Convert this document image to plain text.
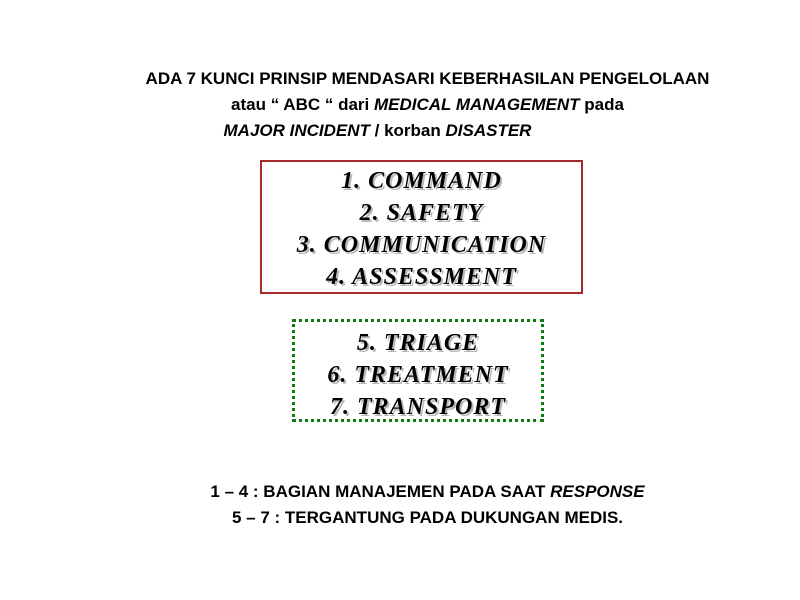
ADA 7 KUNCI PRINSIP MENDASARI KEBERHASILAN PENGELOLAAN
atau “ ABC “ dari MEDICAL MANAGEMENT pada
MAJOR INCIDENT / korban DISASTER
1. COMMAND
2. SAFETY
3. COMMUNICATION
4. ASSESSMENT
5. TRIAGE
6. TREATMENT
7. TRANSPORT
1 – 4 : BAGIAN MANAJEMEN PADA SAAT RESPONSE
5 – 7 : TERGANTUNG PADA DUKUNGAN MEDIS.
